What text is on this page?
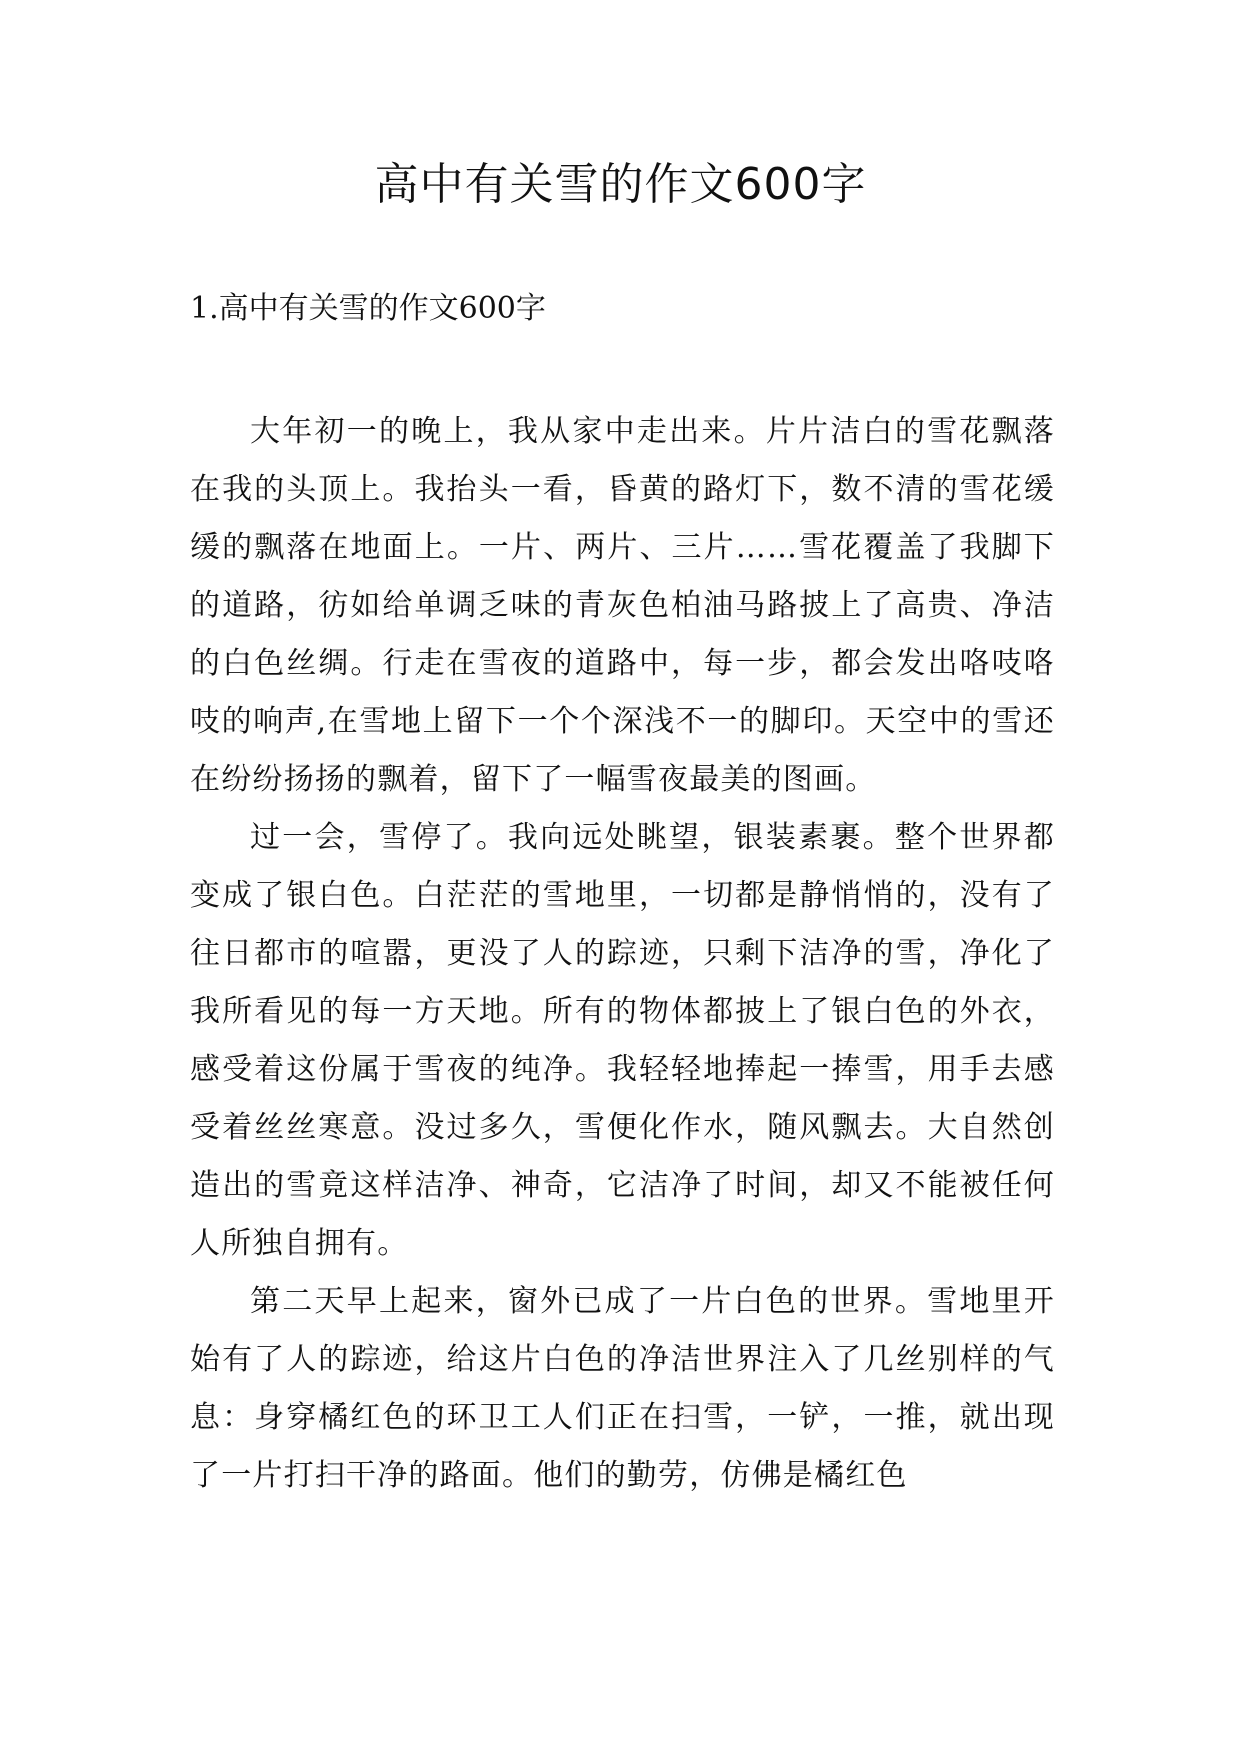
高中有关雪的作文600字

1.高中有关雪的作文600字

大年初一的晚上，我从家中走出来。片片洁白的雪花飘落在我的头顶上。我抬头一看，昏黄的路灯下，数不清的雪花缓缓的飘落在地面上。一片、两片、三片……雪花覆盖了我脚下的道路，彷如给单调乏味的青灰色柏油马路披上了高贵、净洁的白色丝绸。行走在雪夜的道路中，每一步，都会发出咯吱咯吱的响声,在雪地上留下一个个深浅不一的脚印。天空中的雪还在纷纷扬扬的飘着，留下了一幅雪夜最美的图画。

过一会，雪停了。我向远处眺望，银装素裹。整个世界都变成了银白色。白茫茫的雪地里，一切都是静悄悄的，没有了往日都市的喧嚣，更没了人的踪迹，只剩下洁净的雪，净化了我所看见的每一方天地。所有的物体都披上了银白色的外衣，感受着这份属于雪夜的纯净。我轻轻地捧起一捧雪，用手去感受着丝丝寒意。没过多久，雪便化作水，随风飘去。大自然创造出的雪竟这样洁净、神奇，它洁净了时间，却又不能被任何人所独自拥有。

第二天早上起来，窗外已成了一片白色的世界。雪地里开始有了人的踪迹，给这片白色的净洁世界注入了几丝别样的气息：身穿橘红色的环卫工人们正在扫雪，一铲，一推，就出现了一片打扫干净的路面。他们的勤劳，仿佛是橘红色
